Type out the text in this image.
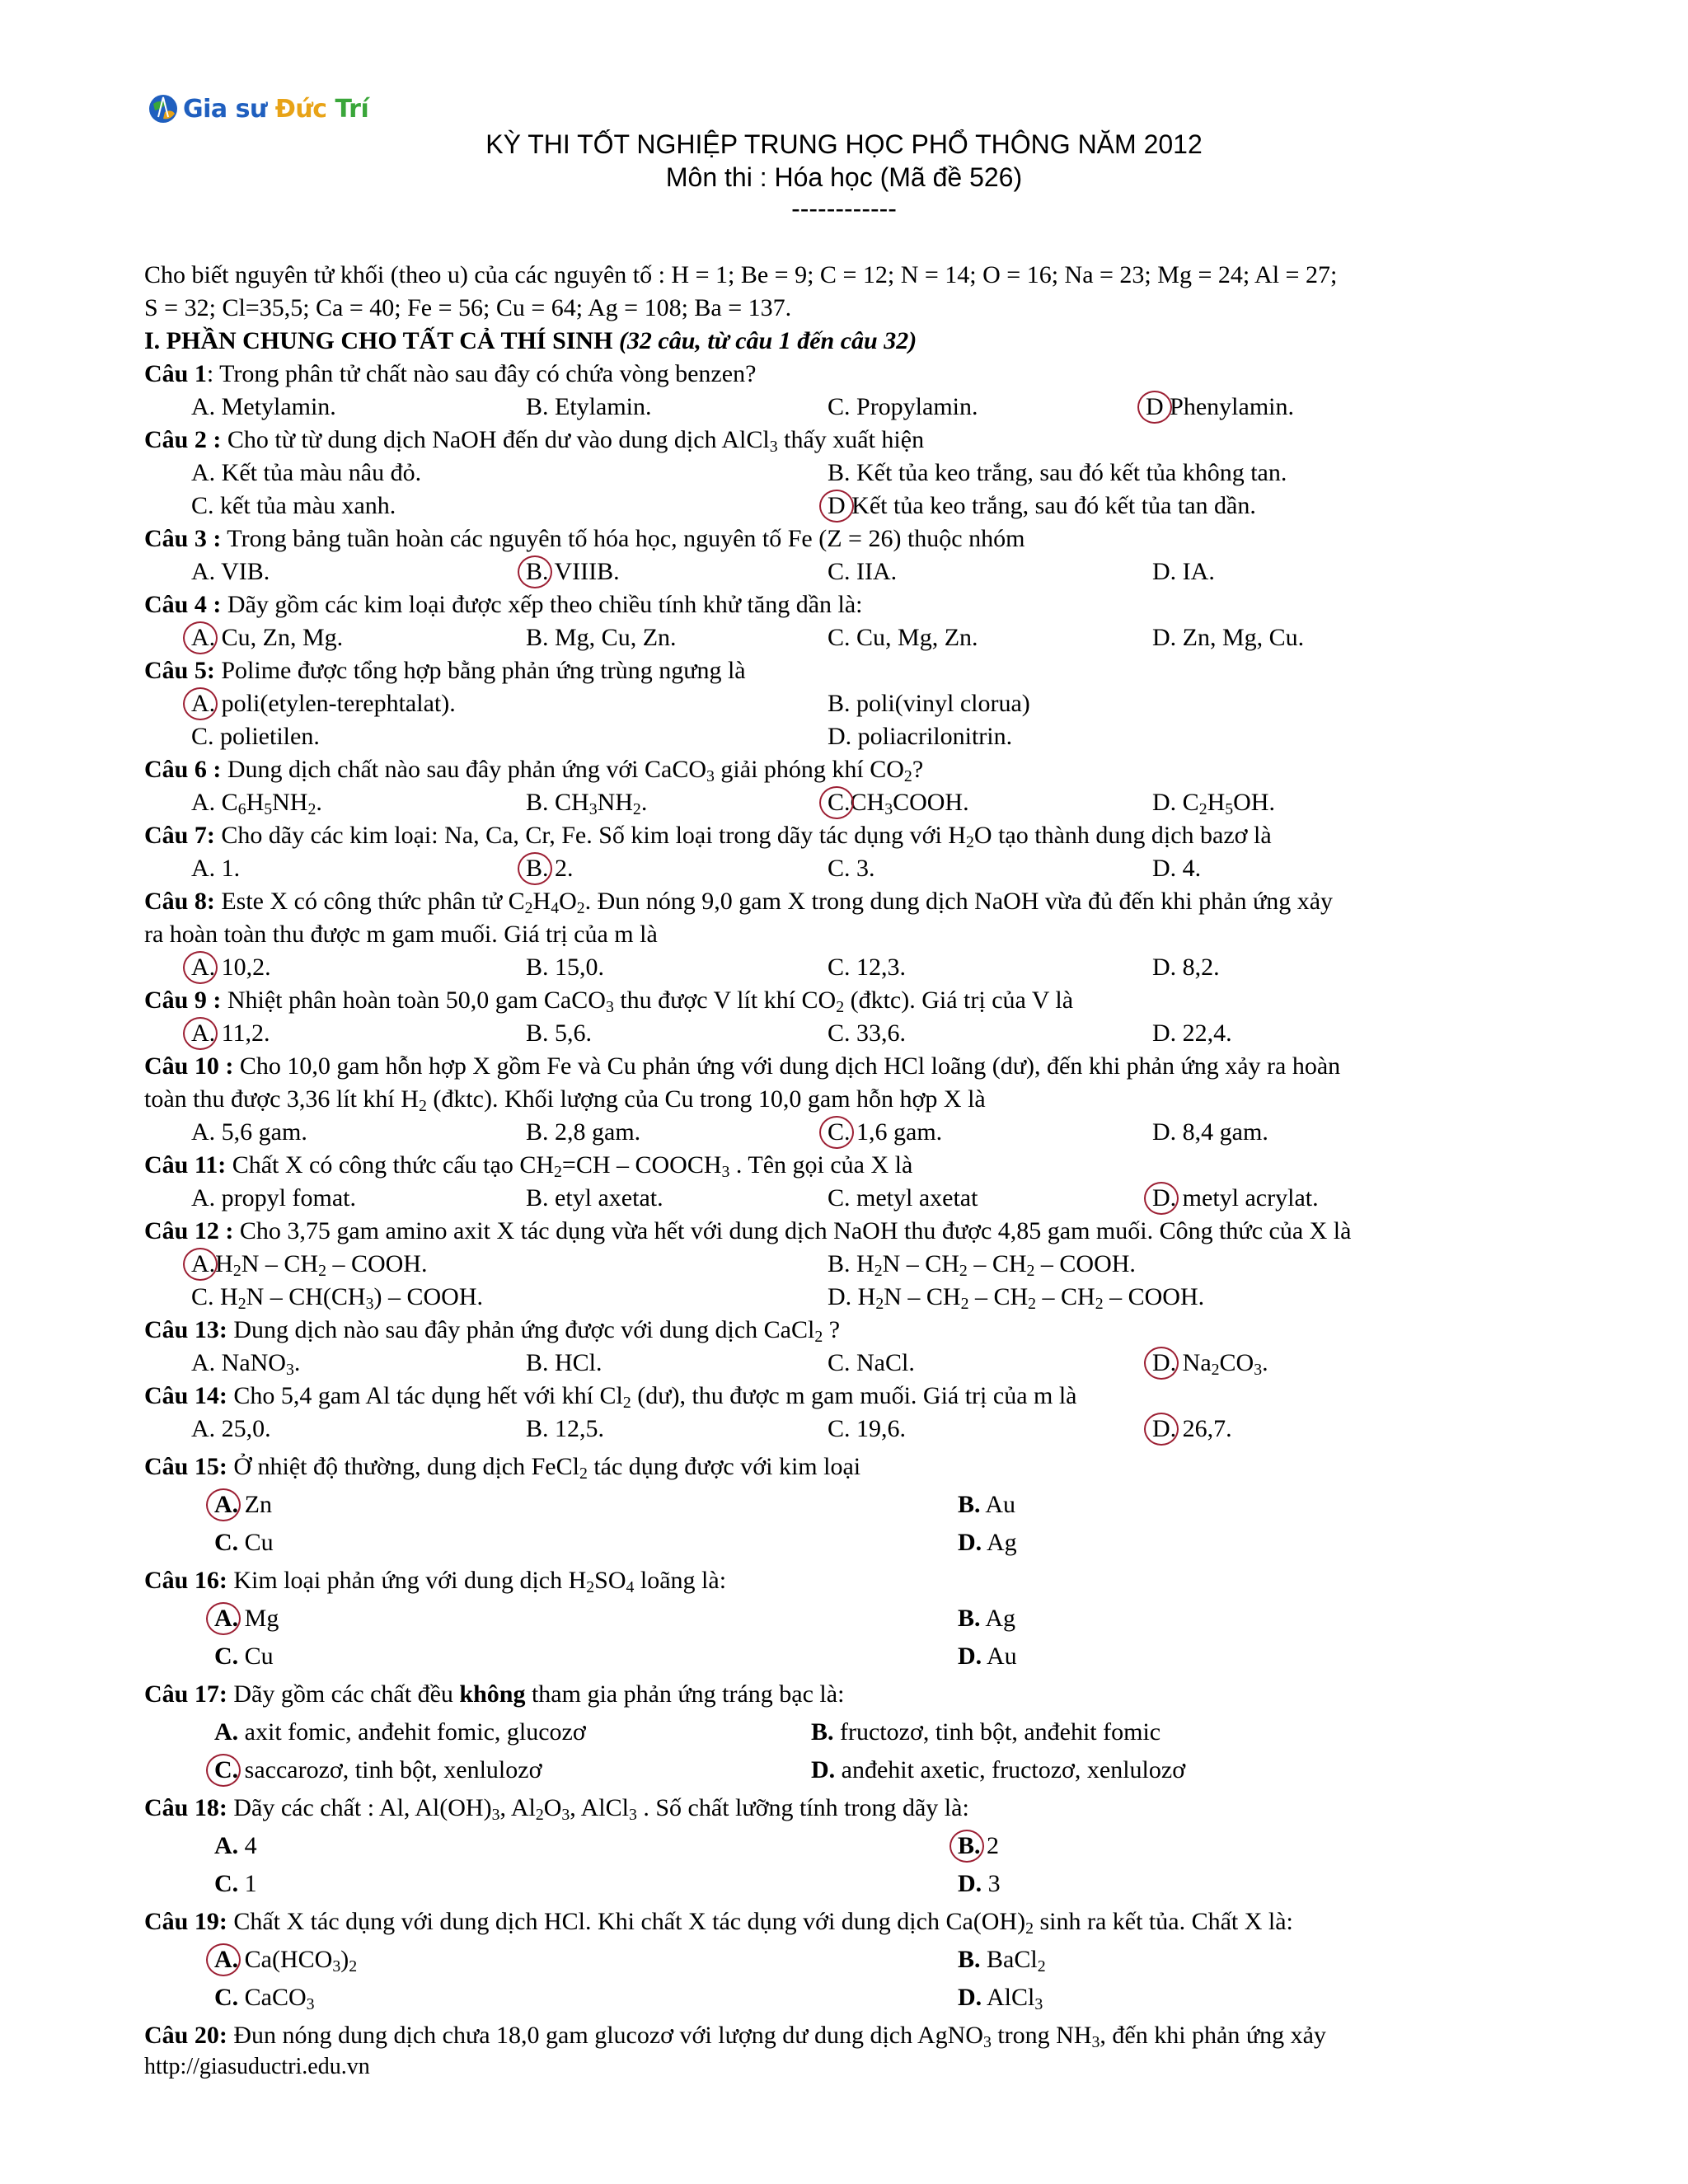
Gia sư Đức Trí
KỲ THI TỐT NGHIỆP TRUNG HỌC PHỔ THÔNG NĂM 2012
Môn thi : Hóa học (Mã đề 526)
------------
Cho biết nguyên tử khối (theo u) của các nguyên tố : H = 1; Be = 9; C = 12; N = 14; O = 16; Na = 23; Mg = 24; Al = 27;
S = 32; Cl=35,5; Ca = 40; Fe = 56; Cu = 64; Ag = 108; Ba = 137.
I. PHẦN CHUNG CHO TẤT CẢ THÍ SINH (32 câu, từ câu 1 đến câu 32)
Câu 1: Trong phân tử chất nào sau đây có chứa vòng benzen?
A. Metylamin.	B. Etylamin.	C. Propylamin.	D Phenylamin.
Câu 2 : Cho từ từ dung dịch NaOH đến dư vào dung dịch AlCl$_3$ thấy xuất hiện
A. Kết tủa màu nâu đỏ.	B. Kết tủa keo trắng, sau đó kết tủa không tan.
C. kết tủa màu xanh.	D Kết tủa keo trắng, sau đó kết tủa tan dần.
Câu 3 : Trong bảng tuần hoàn các nguyên tố hóa học, nguyên tố Fe (Z = 26) thuộc nhóm
A. VIB.	B. VIIIB.	C. IIA.	D. IA.
Câu 4 : Dãy gồm các kim loại được xếp theo chiều tính khử tăng dần là:
A. Cu, Zn, Mg.	B. Mg, Cu, Zn.	C. Cu, Mg, Zn.	D. Zn, Mg, Cu.
Câu 5: Polime được tổng hợp bằng phản ứng trùng ngưng là
A. poli(etylen-terephtalat).	B. poli(vinyl clorua)
C. polietilen.	D. poliacrilonitrin.
Câu 6 : Dung dịch chất nào sau đây phản ứng với CaCO$_3$ giải phóng khí $CO_2$?
A. $C_6H_5NH_2$.	B. $CH_3NH_2$.	$C.CH_3COOH$.	D. $C_2H_5OH$.
Câu 7: Cho dãy các kim loại: Na, Ca, Cr, Fe. Số kim loại trong dãy tác dụng với $H_2O$ tạo thành dung dịch bazơ là
A. 1.	B. 2.	C. 3.	D. 4.
Câu 8: Este X có công thức phân tử $C_2H_4O_2$. Đun nóng 9,0 gam X trong dung dịch NaOH vừa đủ đến khi phản ứng xảy
ra hoàn toàn thu được m gam muối. Giá trị của m là
A. 10,2.	B. 15,0.	C. 12,3.	D. 8,2.
Câu 9 : Nhiệt phân hoàn toàn 50,0 gam CaCO$_3$ thu được V lít khí $CO_2$ (đktc). Giá trị của V là
A. 11,2.	B. 5,6.	C. 33,6.	D. 22,4.
Câu 10 : Cho 10,0 gam hỗn hợp X gồm Fe và Cu phản ứng với dung dịch HCl loãng (dư), đến khi phản ứng xảy ra hoàn
toàn thu được 3,36 lít khí $H_2$ (đktc). Khối lượng của Cu trong 10,0 gam hỗn hợp X là
A. 5,6 gam.	B. 2,8 gam.	C. 1,6 gam.	D. 8,4 gam.
Câu 11: Chất X có công thức cấu tạo $CH_2=CH$ – $COOCH_3$ . Tên gọi của X là
A. propyl fomat.	B. etyl axetat.	C. metyl axetat	D. metyl acrylat.
Câu 12 : Cho 3,75 gam amino axit X tác dụng vừa hết với dung dịch NaOH thu được 4,85 gam muối. Công thức của X là
$A.H_2N - CH_2$ – COOH.	B. $H_2N - CH_2 - CH_2$ – COOH.
C. $H_2N - CH(CH_3)$ – COOH.	D. $H_2N - CH_2 - CH_2 - CH_2$ – COOH.
Câu 13: Dung dịch nào sau đây phản ứng được với dung dịch CaCl$_2$ ?
A. NaNO$_3$.	B. HCl.	C. NaCl.	D. $Na_2CO_3$.
Câu 14: Cho 5,4 gam Al tác dụng hết với khí $Cl_2$ (dư), thu được m gam muối. Giá trị của m là
A. 25,0.	B. 12,5.	C. 19,6.	D. 26,7.
Câu 15: Ở nhiệt độ thường, dung dịch FeCl$_2$ tác dụng được với kim loại
A. Zn	B. Au
C. Cu	D. Ag
Câu 16: Kim loại phản ứng với dung dịch $H_2SO_4$ loãng là:
A. Mg	B. Ag
C. Cu	D. Au
Câu 17: Dãy gồm các chất đều không tham gia phản ứng tráng bạc là:
A. axit fomic, anđehit fomic, glucozơ	B. fructozơ, tinh bột, anđehit fomic
C. saccarozơ, tinh bột, xenlulozơ	D. anđehit axetic, fructozơ, xenlulozơ
Câu 18: Dãy các chất : Al, $Al(OH)_3$, $Al_2O_3$, AlCl$_3$ . Số chất lưỡng tính trong dãy là:
A. 4	B. 2
C. 1	D. 3
Câu 19: Chất X tác dụng với dung dịch HCl. Khi chất X tác dụng với dung dịch $Ca(OH)_2$ sinh ra kết tủa. Chất X là:
A. $Ca(HCO_3)_2$	B. BaCl$_2$
C. CaCO$_3$	D. AlCl$_3$
Câu 20: Đun nóng dung dịch chưa 18,0 gam glucozơ với lượng dư dung dịch AgNO$_3$ trong $NH_3$, đến khi phản ứng xảy
http://giasuductri.edu.vn
